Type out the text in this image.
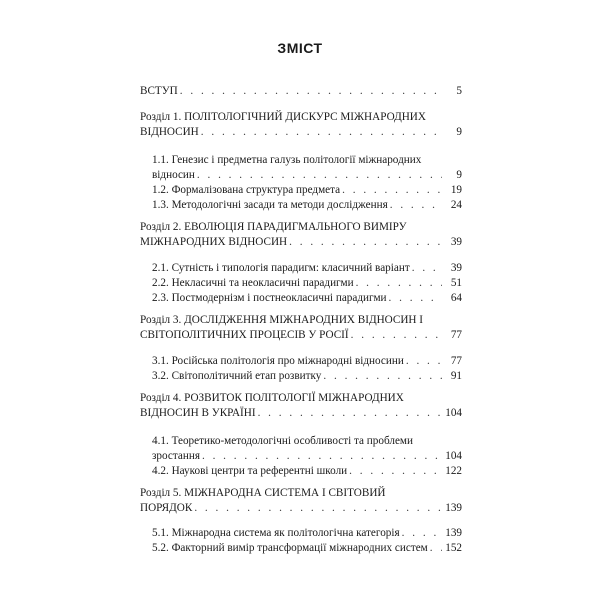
ЗМІСТ
ВСТУП . . .	5
Розділ 1. ПОЛІТОЛОГІЧНИЙ ДИСКУРС МІЖНАРОДНИХ
ВІДНОСИН . . .	9
1.1. Генезис і предметна галузь політології міжнародних
відносин . . .	9
1.2. Формалізована структура предмета . . .	19
1.3. Методологічні засади та методи дослідження . . .	24
Розділ 2. ЕВОЛЮЦІЯ ПАРАДИГМАЛЬНОГО ВИМІРУ
МІЖНАРОДНИХ ВІДНОСИН . . .	39
2.1. Сутність і типологія парадигм: класичний варіант . . .	39
2.2. Некласичні та неокласичні парадигми . . .	51
2.3. Постмодернізм і постнеокласичні парадигми . . .	64
Розділ 3. ДОСЛІДЖЕННЯ МІЖНАРОДНИХ ВІДНОСИН І
СВІТОПОЛІТИЧНИХ ПРОЦЕСІВ У РОСІЇ . . .	77
3.1. Російська політологія про міжнародні відносини . . .	77
3.2. Світополітичний етап розвитку . . .	91
Розділ 4. РОЗВИТОК ПОЛІТОЛОГІЇ МІЖНАРОДНИХ
ВІДНОСИН В УКРАЇНІ . . .	104
4.1. Теоретико-методологічні особливості та проблеми
зростання . . .	104
4.2. Наукові центри та референтні школи . . .	122
Розділ 5. МІЖНАРОДНА СИСТЕМА І СВІТОВИЙ
ПОРЯДОК . . .	139
5.1. Міжнародна система як політологічна категорія . . .	139
5.2. Факторний вимір трансформації міжнародних систем . . . 152
